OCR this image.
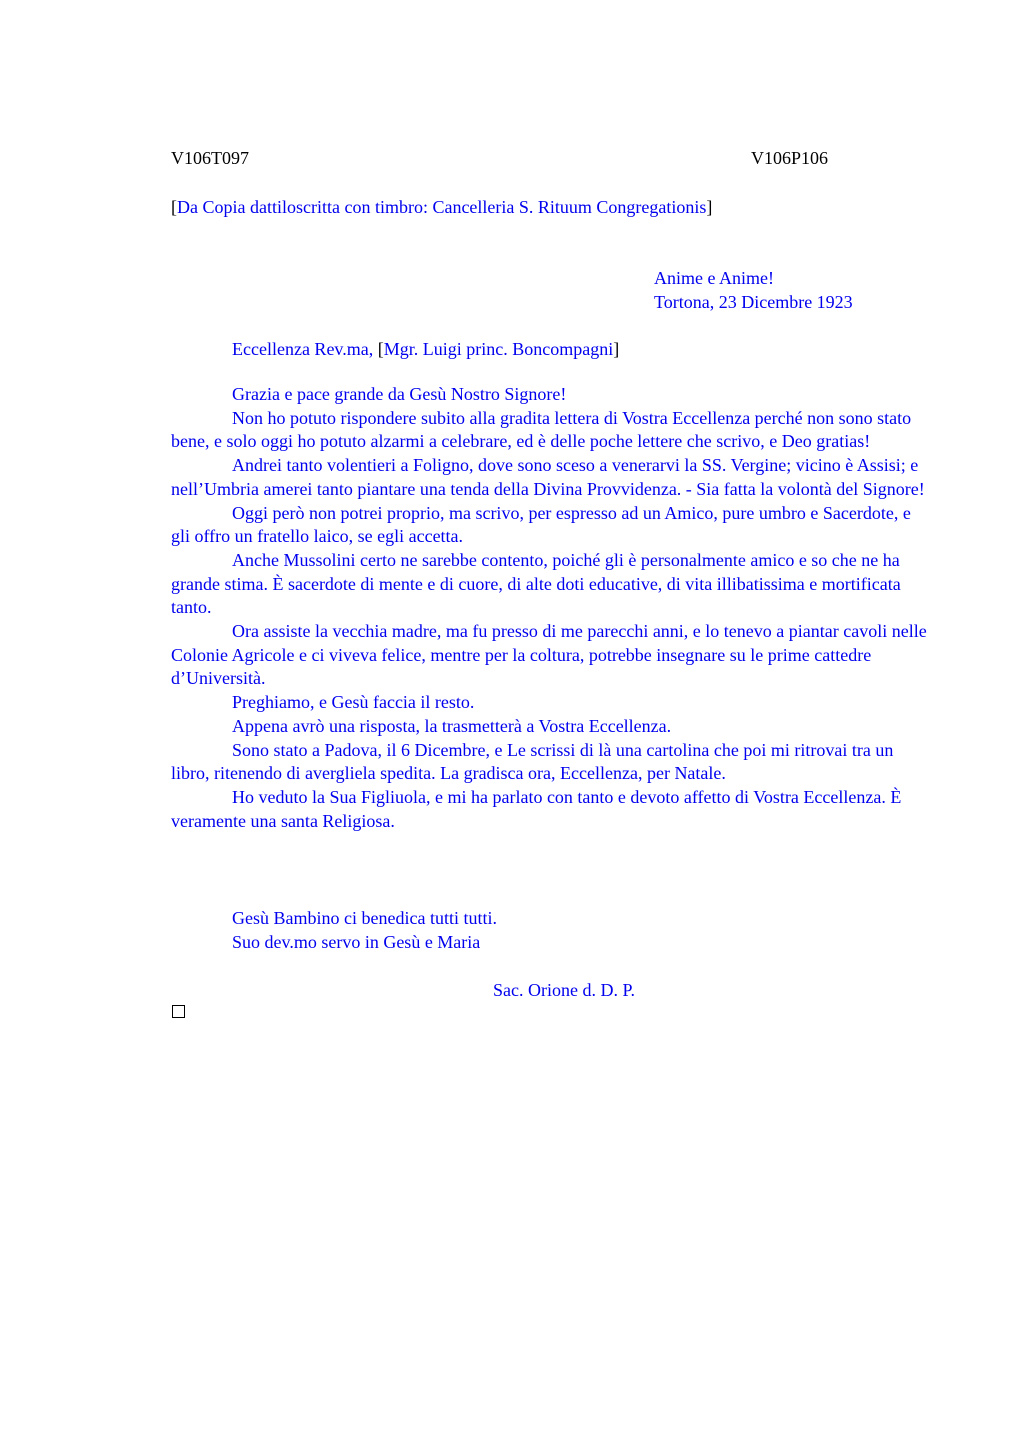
V106T097	V106P106
[Da Copia dattiloscritta con timbro: Cancelleria S. Rituum Congregationis]
Anime e Anime!
Tortona, 23 Dicembre 1923
Eccellenza Rev.ma, [Mgr. Luigi princ. Boncompagni]

Grazia e pace grande da Gesù Nostro Signore!

Non ho potuto rispondere subito alla gradita lettera di Vostra Eccellenza perché non sono stato bene, e solo oggi ho potuto alzarmi a celebrare, ed è delle poche lettere che scrivo, e Deo gratias!

Andrei tanto volentieri a Foligno, dove sono sceso a venerarvi la SS. Vergine; vicino è Assisi; e nell’Umbria amerei tanto piantare una tenda della Divina Provvidenza. - Sia fatta la volontà del Signore!

Oggi però non potrei proprio, ma scrivo, per espresso ad un Amico, pure umbro e Sacerdote, e gli offro un fratello laico, se egli accetta.

Anche Mussolini certo ne sarebbe contento, poiché gli è personalmente amico e so che ne ha grande stima. È sacerdote di mente e di cuore, di alte doti educative, di vita illibatissima e mortificata tanto.

Ora assiste la vecchia madre, ma fu presso di me parecchi anni, e lo tenevo a piantar cavoli nelle Colonie Agricole e ci viveva felice, mentre per la coltura, potrebbe insegnare su le prime cattedre d’Università.

Preghiamo, e Gesù faccia il resto.

Appena avrò una risposta, la trasmetterà a Vostra Eccellenza.

Sono stato a Padova, il 6 Dicembre, e Le scrissi di là una cartolina che poi mi ritrovai tra un libro, ritenendo di avergliela spedita. La gradisca ora, Eccellenza, per Natale.

Ho veduto la Sua Figliuola, e mi ha parlato con tanto e devoto affetto di Vostra Eccellenza. È veramente una santa Religiosa.

Gesù Bambino ci benedica tutti tutti.
Suo dev.mo servo in Gesù e Maria
Sac. Orione d. D. P.
